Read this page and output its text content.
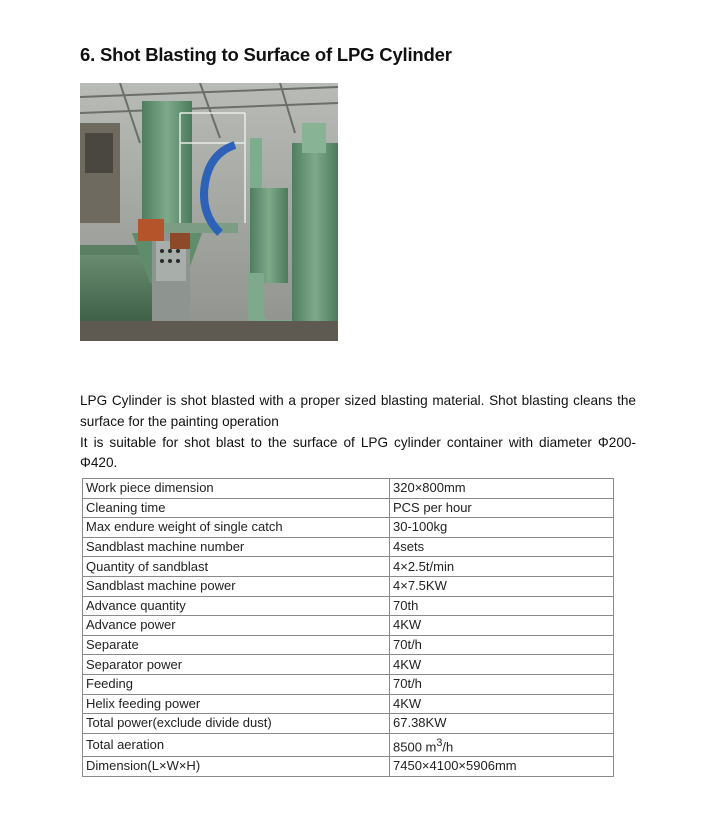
6. Shot Blasting to Surface of LPG Cylinder

LPG Cylinder is shot blasted with a proper sized blasting material. Shot blasting cleans the surface for the painting operation

It is suitable for shot blast to the surface of LPG cylinder container with diameter Φ200-Φ420.

Work piece dimension	320×800mm
Cleaning time	PCS per hour
Max endure weight of single catch	30-100kg
Sandblast machine number	4sets
Quantity of sandblast	4×2.5t/min
Sandblast machine power	4×7.5KW
Advance quantity	70th
Advance power	4KW
Separate	70t/h
Separator power	4KW
Feeding	70t/h
Helix feeding power	4KW
Total power(exclude divide dust)	67.38KW
Total aeration	8500 $m^3/h$
Dimension(L×W×H)	7450×4100×5906mm
